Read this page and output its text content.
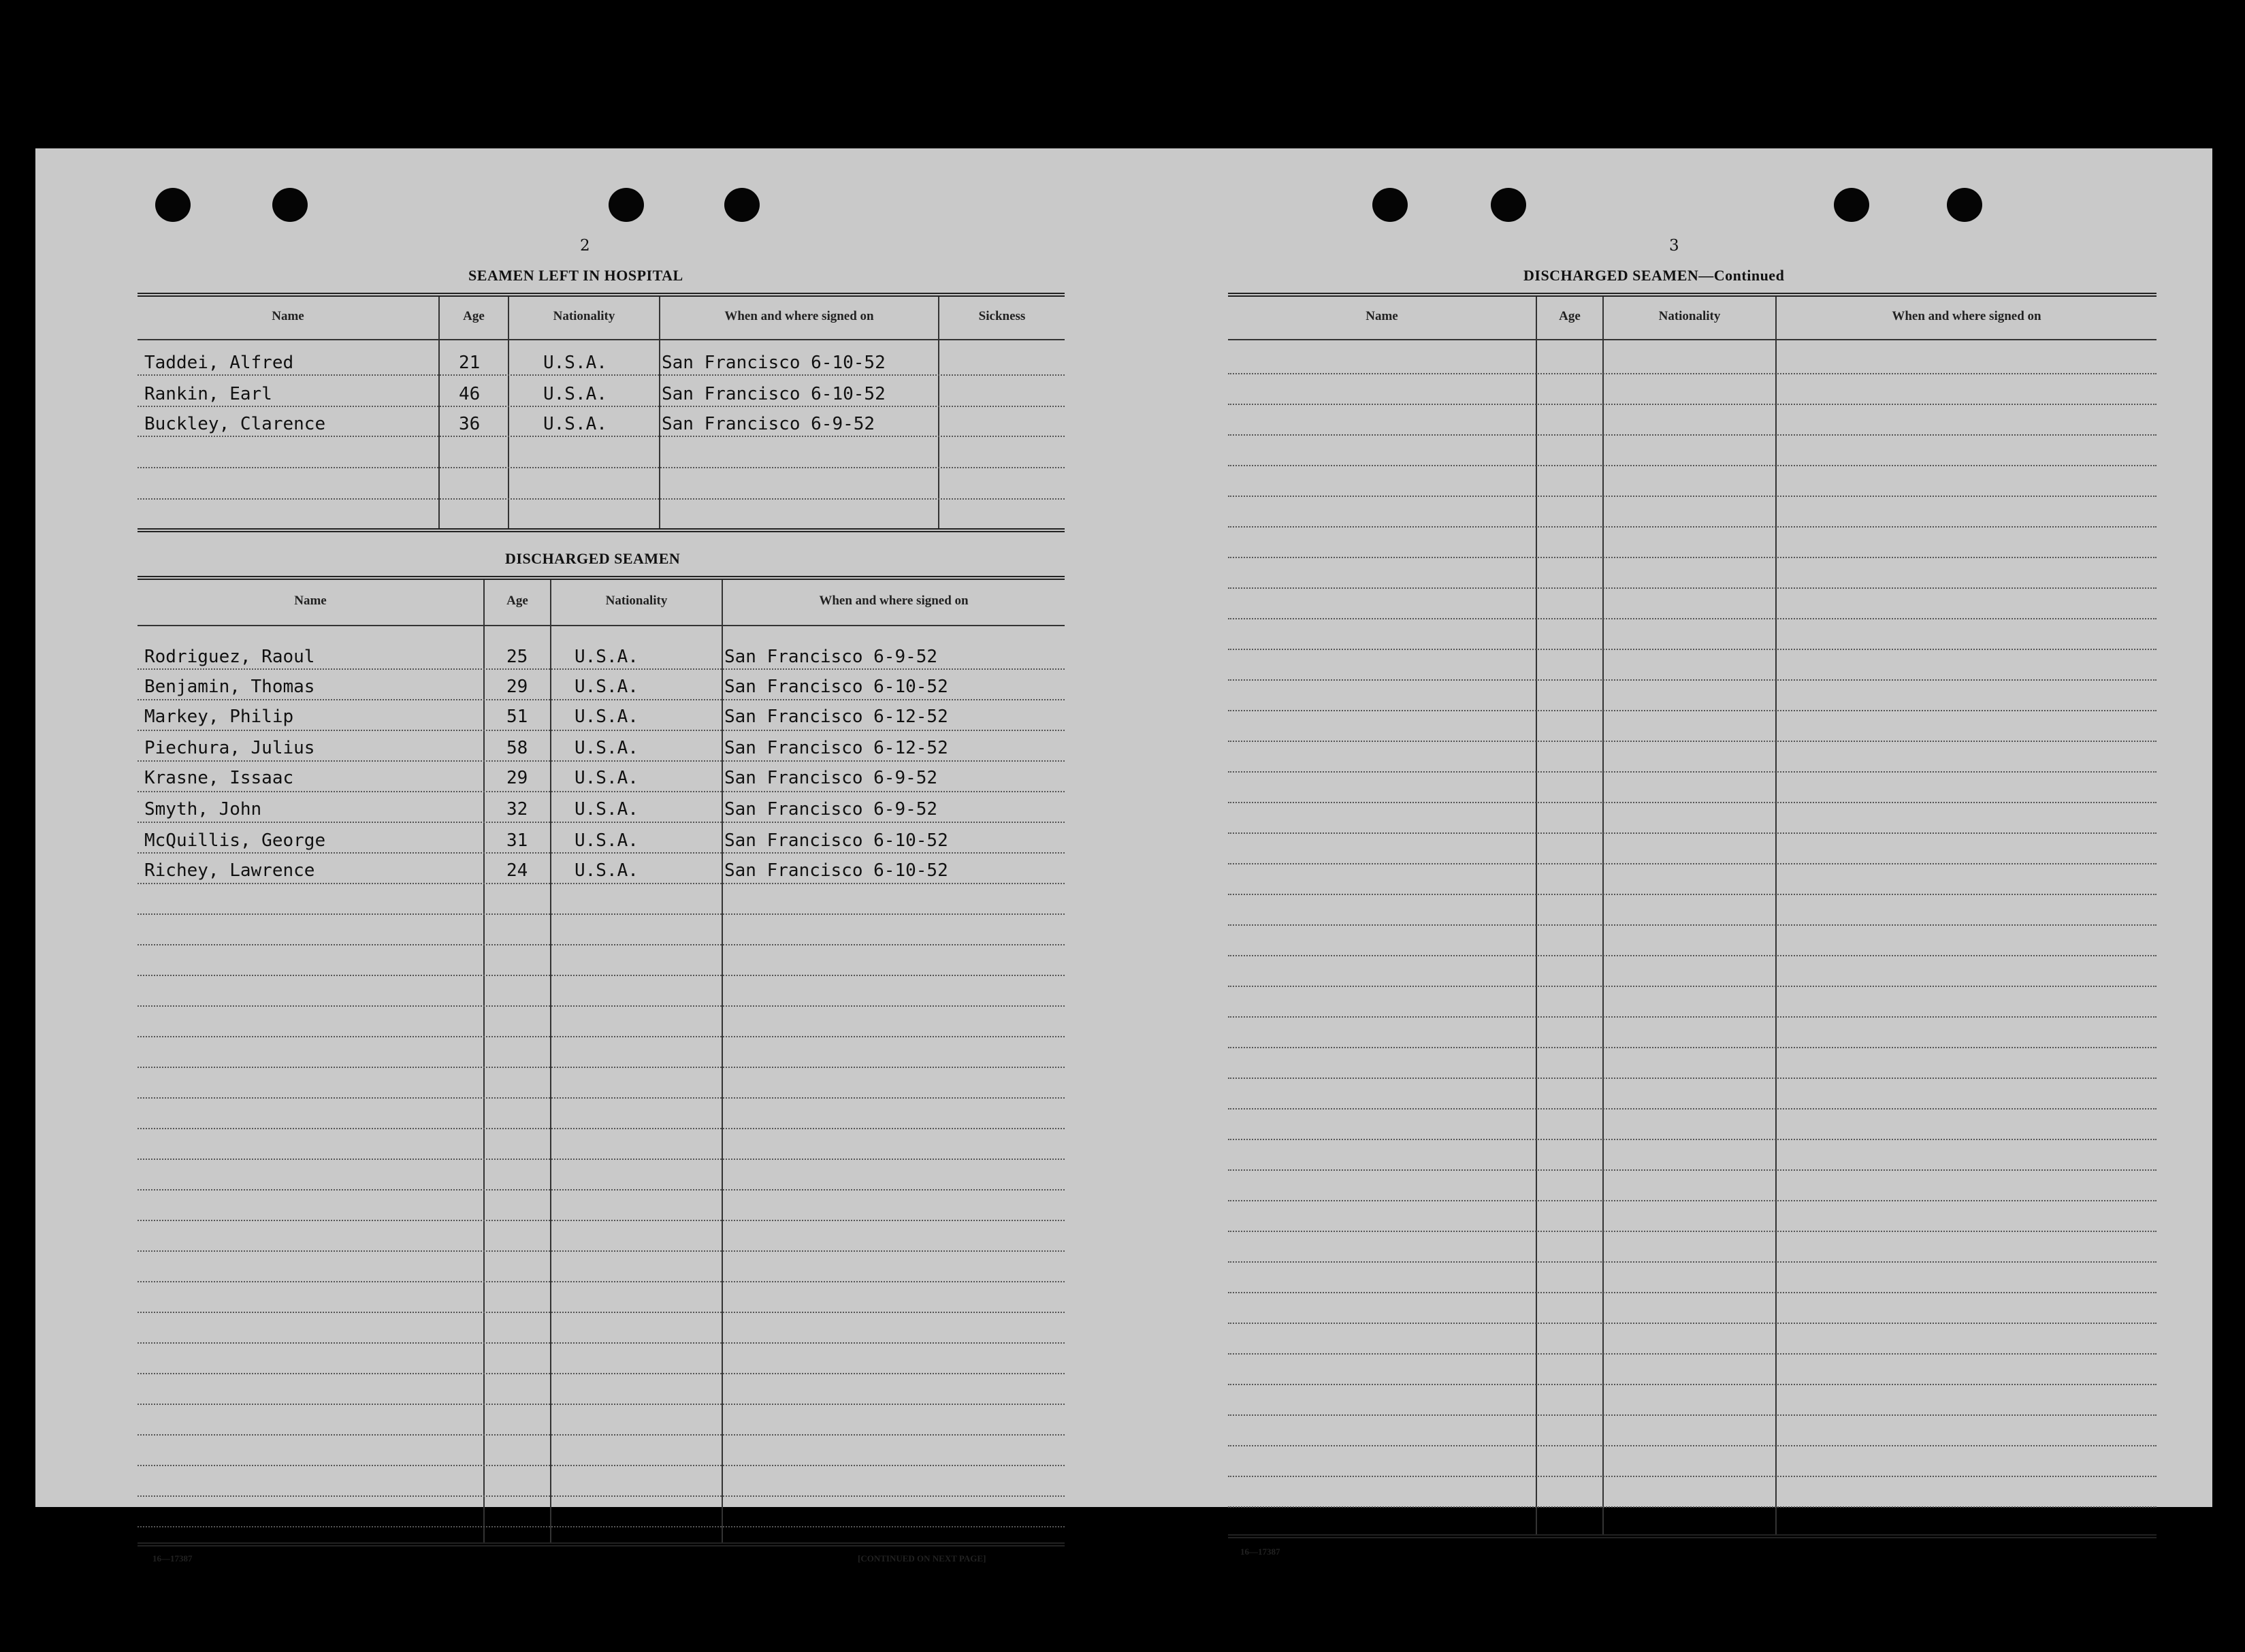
2
SEAMEN LEFT IN HOSPITAL
Name	Age	Nationality	When and where signed on	Sickness
Taddei, Alfred	21	U.S.A.	San Francisco 6-10-52
Rankin, Earl	46	U.S.A.	San Francisco 6-10-52
Buckley, Clarence	36	U.S.A.	San Francisco 6-9-52
DISCHARGED SEAMEN
Name	Age	Nationality	When and where signed on
Rodriguez, Raoul	25	U.S.A.	San Francisco 6-9-52
Benjamin, Thomas	29	U.S.A.	San Francisco 6-10-52
Markey, Philip	51	U.S.A.	San Francisco 6-12-52
Piechura, Julius	58	U.S.A.	San Francisco 6-12-52
Krasne, Issaac	29	U.S.A.	San Francisco 6-9-52
Smyth, John	32	U.S.A.	San Francisco 6-9-52
McQuillis, George	31	U.S.A.	San Francisco 6-10-52
Richey, Lawrence	24	U.S.A.	San Francisco 6-10-52
16—17387	[CONTINUED ON NEXT PAGE]
3
DISCHARGED SEAMEN—Continued
Name	Age	Nationality	When and where signed on
16—17387
